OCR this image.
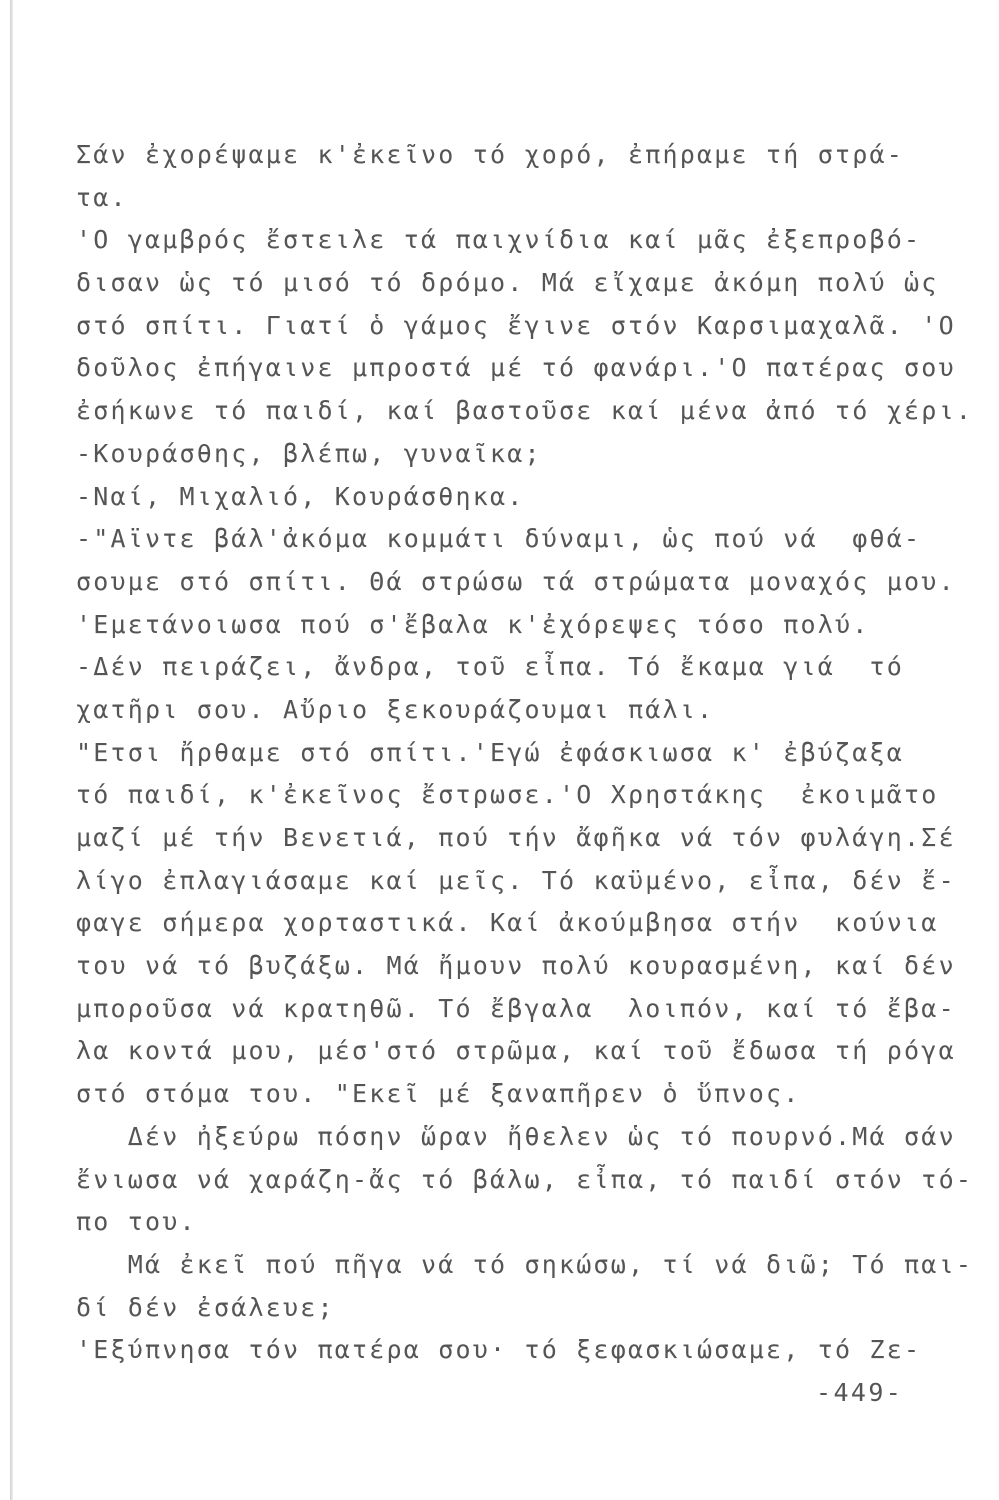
Σάν ἐχορέψαμε κ'ἐκεῖνο τό χορό, ἐπήραμε τή στρά-
τα.
'Ο γαμβρός ἔστειλε τά παιχνίδια καί μᾶς ἐξεπροβό-
δισαν ὡς τό μισό τό δρόμο. Μά εἴχαμε ἀκόμη πολύ ὡς
στό σπίτι. Γιατί ὁ γάμος ἔγινε στόν Καρσιμαχαλᾶ. 'Ο
δοῦλος ἐπήγαινε μπροστά μέ τό φανάρι.'Ο πατέρας σου
ἐσήκωνε τό παιδί, καί βαστοῦσε καί μένα ἀπό τό χέρι.
-Κουράσθης, βλέπω, γυναῖκα;
-Ναί, Μιχαλιό, Κουράσθηκα.
-"Αϊντε βάλ'ἀκόμα κομμάτι δύναμι, ὡς πού νά  φθά-
σουμε στό σπίτι. Θά στρώσω τά στρώματα μοναχός μου.
'Εμετάνοιωσα πού σ'ἔβαλα κ'ἐχόρεψες τόσο πολύ.
-Δέν πειράζει, ἄνδρα, τοῦ εἶπα. Τό ἔκαμα γιά  τό
χατῆρι σου. Αὔριο ξεκουράζουμαι πάλι.
"Ετσι ἤρθαμε στό σπίτι.'Εγώ ἐφάσκιωσα κ' ἐβύζαξα
τό παιδί, κ'ἐκεῖνος ἔστρωσε.'Ο Χρηστάκης  ἐκοιμᾶτο
μαζί μέ τήν Βενετιά, πού τήν ἄφῆκα νά τόν φυλάγη.Σέ
λίγο ἐπλαγιάσαμε καί μεῖς. Τό καϋμένο, εἶπα, δέν ἔ-
φαγε σήμερα χορταστικά. Καί ἀκούμβησα στήν  κούνια
του νά τό βυζάξω. Μά ἤμουν πολύ κουρασμένη, καί δέν
μποροῦσα νά κρατηθῶ. Τό ἔβγαλα  λοιπόν, καί τό ἔβα-
λα κοντά μου, μέσ'στό στρῶμα, καί τοῦ ἔδωσα τή ρόγα
στό στόμα του. "Εκεῖ μέ ξαναπῆρεν ὁ ὕπνος.
Δέν ἠξεύρω πόσην ὥραν ἤθελεν ὡς τό πουρνό.Μά σάν
ἔνιωσα νά χαράζη-ἄς τό βάλω, εἶπα, τό παιδί στόν τό-
πο του.
Μά ἐκεῖ πού πῆγα νά τό σηκώσω, τί νά διῶ; Τό παι-
δί δέν ἐσάλευε;
'Εξύπνησα τόν πατέρα σου· τό ξεφασκιώσαμε, τό Ζε-
-449-
